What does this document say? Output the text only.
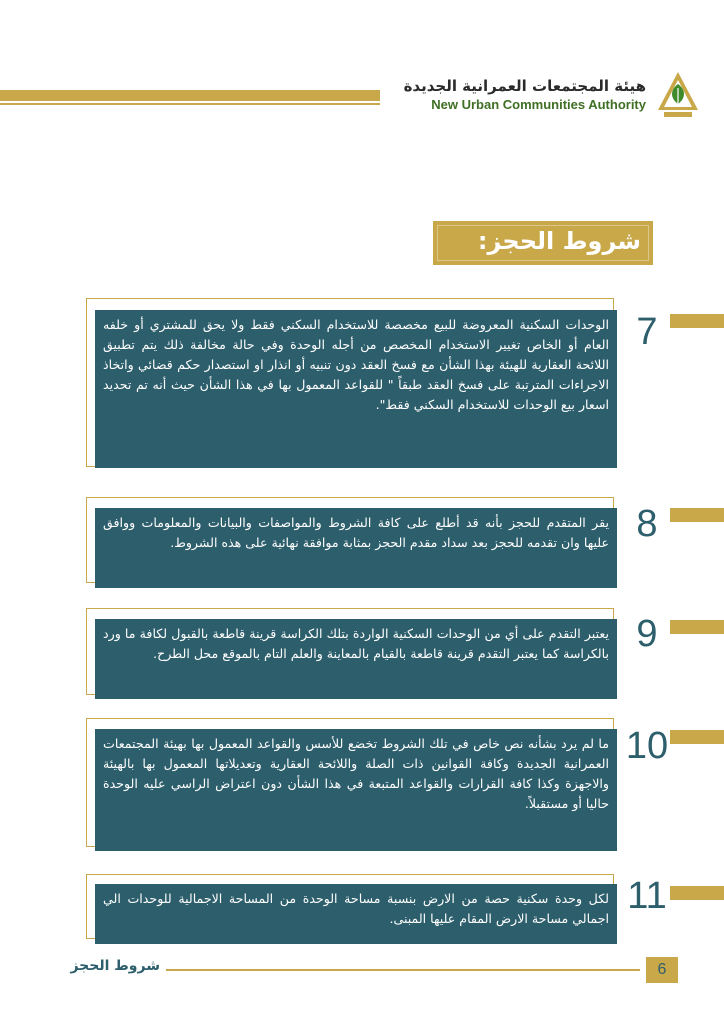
هيئة المجتمعات العمرانية الجديدة
New Urban Communities Authority
شروط الحجز:
الوحدات السكنية المعروضة للبيع مخصصة للاستخدام السكني فقط ولا يحق للمشتري أو خلفه العام أو الخاص تغيير الاستخدام المخصص من أجله الوحدة وفي حالة مخالفة ذلك يتم تطبيق اللائحة العقارية للهيئة بهذا الشأن مع فسخ العقد دون تنبيه أو انذار او استصدار حكم قضائي واتخاذ الاجراءات المترتبة على فسخ العقد طبقاً " للقواعد المعمول بها في هذا الشأن حيث أنه تم تحديد اسعار بيع الوحدات للاستخدام السكني فقط".
7
يقر المتقدم للحجز بأنه قد أطلع على كافة الشروط والمواصفات والبيانات والمعلومات ووافق عليها وان تقدمه للحجز بعد سداد مقدم الحجز بمثابة موافقة نهائية على هذه الشروط. 8
يعتبر التقدم على أي من الوحدات السكنية الواردة بتلك الكراسة قرينة قاطعة بالقبول لكافة ما ورد بالكراسة كما يعتبر التقدم قرينة قاطعة بالقيام بالمعاينة والعلم التام بالموقع محل الطرح. 9
ما لم يرد بشأنه نص خاص في تلك الشروط تخضع للأسس والقواعد المعمول بها بهيئة المجتمعات العمرانية الجديدة وكافة القوانين ذات الصلة واللائحة العقارية وتعديلاتها المعمول بها بالهيئة والاجهزة وكذا كافة القرارات والقواعد المتبعة في هذا الشأن دون اعتراض الراسي عليه الوحدة حاليا أو مستقبلاً.
10
لكل وحدة سكنية حصة من الارض بنسبة مساحة الوحدة من المساحة الاجمالية للوحدات الي اجمالي مساحة الارض المقام عليها المبنى.
11
شروط الحجز	6
